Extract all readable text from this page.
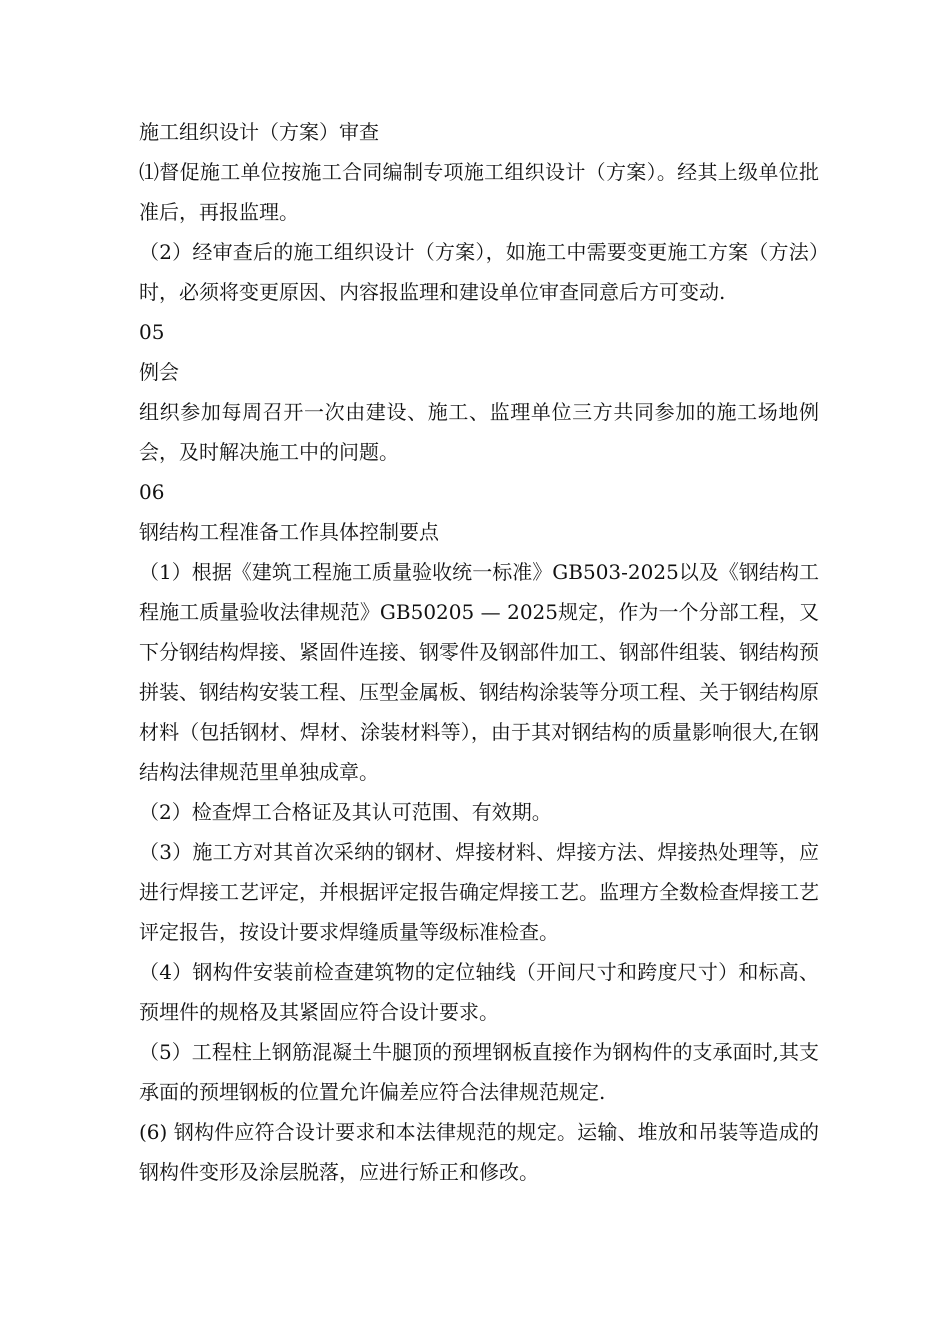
施工组织设计（方案）审查

⑴督促施工单位按施工合同编制专项施工组织设计（方案）。经其上级单位批准后，再报监理。

（2）经审查后的施工组织设计（方案），如施工中需要变更施工方案（方法）时，必须将变更原因、内容报监理和建设单位审查同意后方可变动.

05

例会

组织参加每周召开一次由建设、施工、监理单位三方共同参加的施工场地例会，及时解决施工中的问题。

06

钢结构工程准备工作具体控制要点

（1）根据《建筑工程施工质量验收统一标准》GB503-2025以及《钢结构工程施工质量验收法律规范》GB50205 — 2025规定，作为一个分部工程，又下分钢结构焊接、紧固件连接、钢零件及钢部件加工、钢部件组装、钢结构预拼装、钢结构安装工程、压型金属板、钢结构涂装等分项工程、关于钢结构原材料（包括钢材、焊材、涂装材料等），由于其对钢结构的质量影响很大,在钢结构法律规范里单独成章。

（2）检查焊工合格证及其认可范围、有效期。

（3）施工方对其首次采纳的钢材、焊接材料、焊接方法、焊接热处理等，应进行焊接工艺评定，并根据评定报告确定焊接工艺。监理方全数检查焊接工艺评定报告，按设计要求焊缝质量等级标准检查。

（4）钢构件安装前检查建筑物的定位轴线（开间尺寸和跨度尺寸）和标高、预埋件的规格及其紧固应符合设计要求。

（5）工程柱上钢筋混凝土牛腿顶的预埋钢板直接作为钢构件的支承面时,其支承面的预埋钢板的位置允许偏差应符合法律规范规定.

(6) 钢构件应符合设计要求和本法律规范的规定。运输、堆放和吊装等造成的钢构件变形及涂层脱落，应进行矫正和修改。
